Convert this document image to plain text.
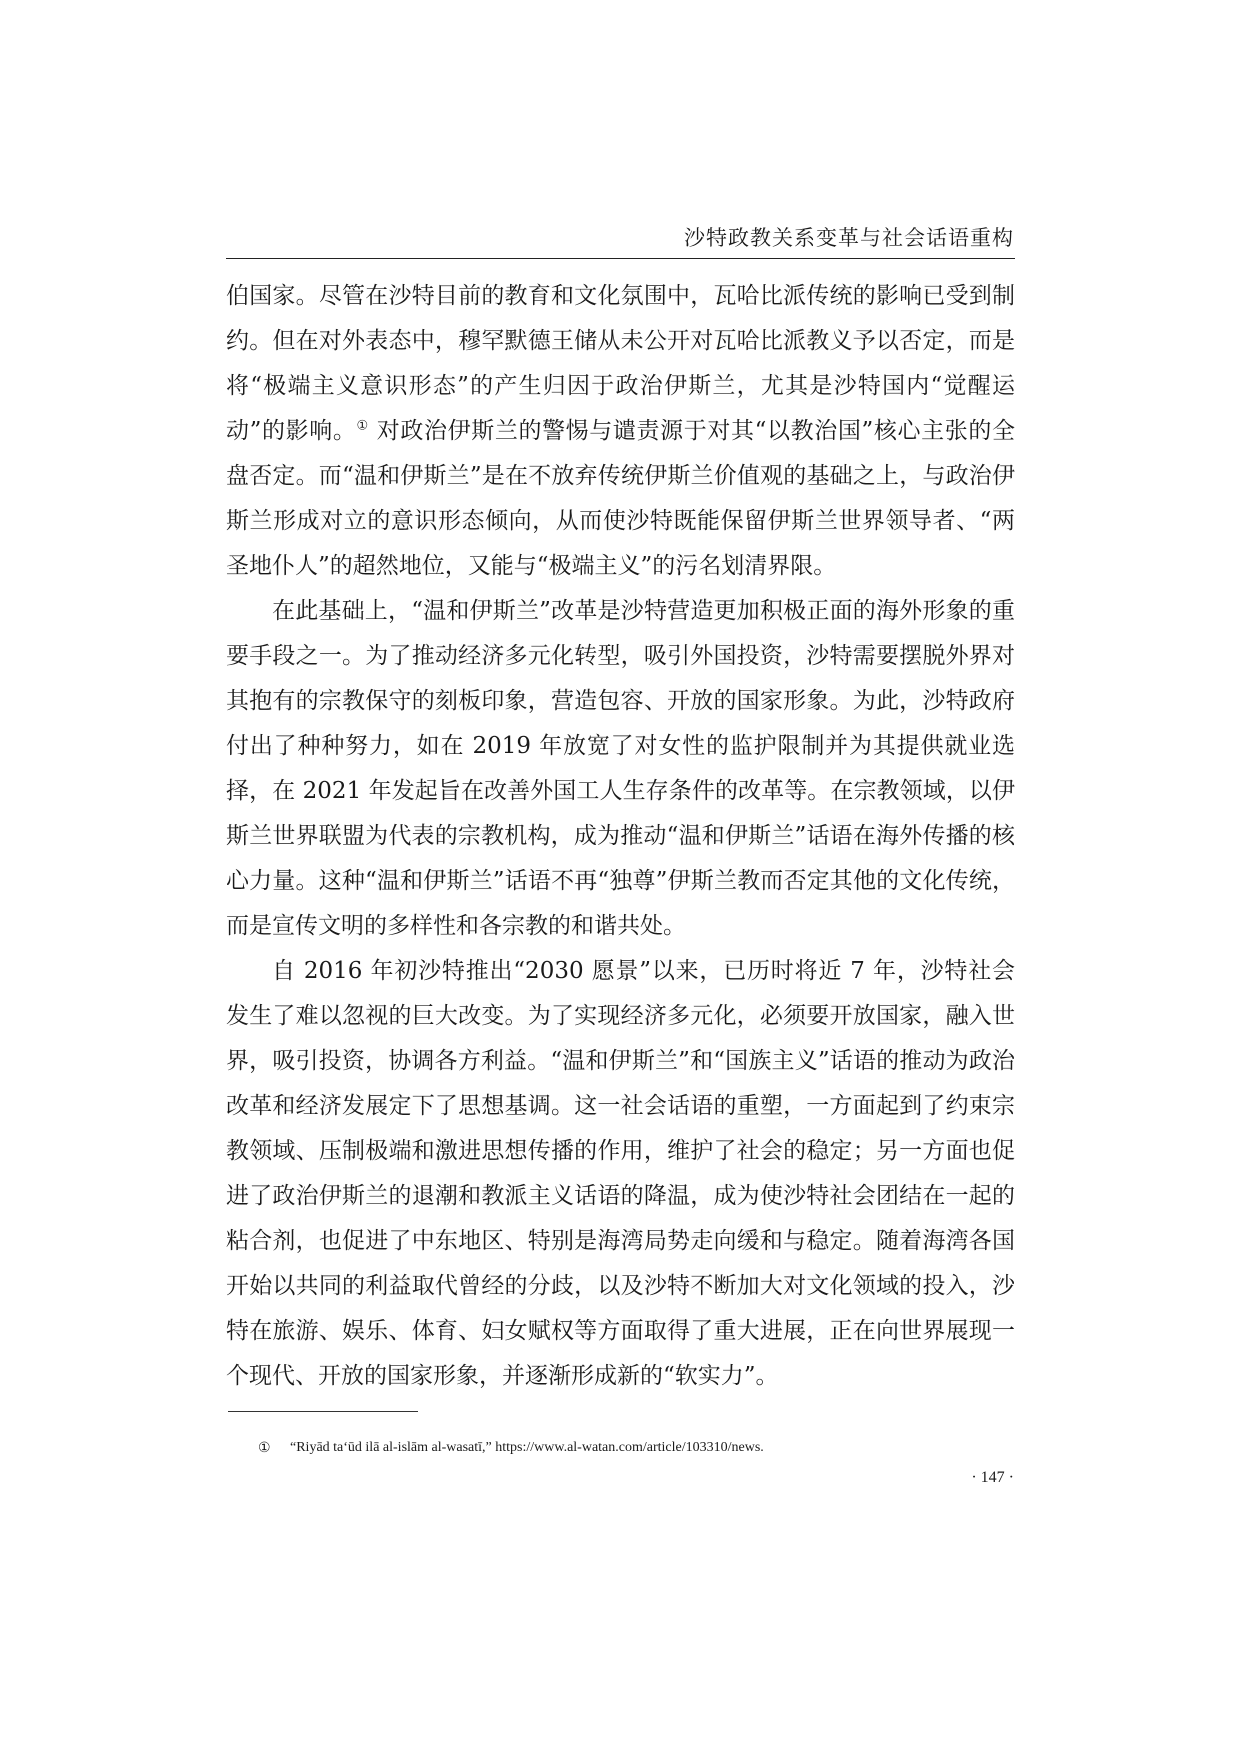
沙特政教关系变革与社会话语重构

伯国家。尽管在沙特目前的教育和文化氛围中，瓦哈比派传统的影响已受到制约。但在对外表态中，穆罕默德王储从未公开对瓦哈比派教义予以否定，而是将“极端主义意识形态”的产生归因于政治伊斯兰，尤其是沙特国内“觉醒运动”的影响。① 对政治伊斯兰的警惕与谴责源于对其“以教治国”核心主张的全盘否定。而“温和伊斯兰”是在不放弃传统伊斯兰价值观的基础之上，与政治伊斯兰形成对立的意识形态倾向，从而使沙特既能保留伊斯兰世界领导者、“两圣地仆人”的超然地位，又能与“极端主义”的污名划清界限。

在此基础上，“温和伊斯兰”改革是沙特营造更加积极正面的海外形象的重要手段之一。为了推动经济多元化转型，吸引外国投资，沙特需要摆脱外界对其抱有的宗教保守的刻板印象，营造包容、开放的国家形象。为此，沙特政府付出了种种努力，如在 2019 年放宽了对女性的监护限制并为其提供就业选择，在 2021 年发起旨在改善外国工人生存条件的改革等。在宗教领域，以伊斯兰世界联盟为代表的宗教机构，成为推动“温和伊斯兰”话语在海外传播的核心力量。这种“温和伊斯兰”话语不再“独尊”伊斯兰教而否定其他的文化传统，而是宣传文明的多样性和各宗教的和谐共处。

自 2016 年初沙特推出“2030 愿景”以来，已历时将近 7 年，沙特社会发生了难以忽视的巨大改变。为了实现经济多元化，必须要开放国家，融入世界，吸引投资，协调各方利益。“温和伊斯兰”和“国族主义”话语的推动为政治改革和经济发展定下了思想基调。这一社会话语的重塑，一方面起到了约束宗教领域、压制极端和激进思想传播的作用，维护了社会的稳定；另一方面也促进了政治伊斯兰的退潮和教派主义话语的降温，成为使沙特社会团结在一起的粘合剂，也促进了中东地区、特别是海湾局势走向缓和与稳定。随着海湾各国开始以共同的利益取代曾经的分歧，以及沙特不断加大对文化领域的投入，沙特在旅游、娱乐、体育、妇女赋权等方面取得了重大进展，正在向世界展现一个现代、开放的国家形象，并逐渐形成新的“软实力”。

① “Riyād ta‘ūd ilā al-islām al-wasatī,” https://www.al-watan.com/article/103310/news.
· 147 ·
